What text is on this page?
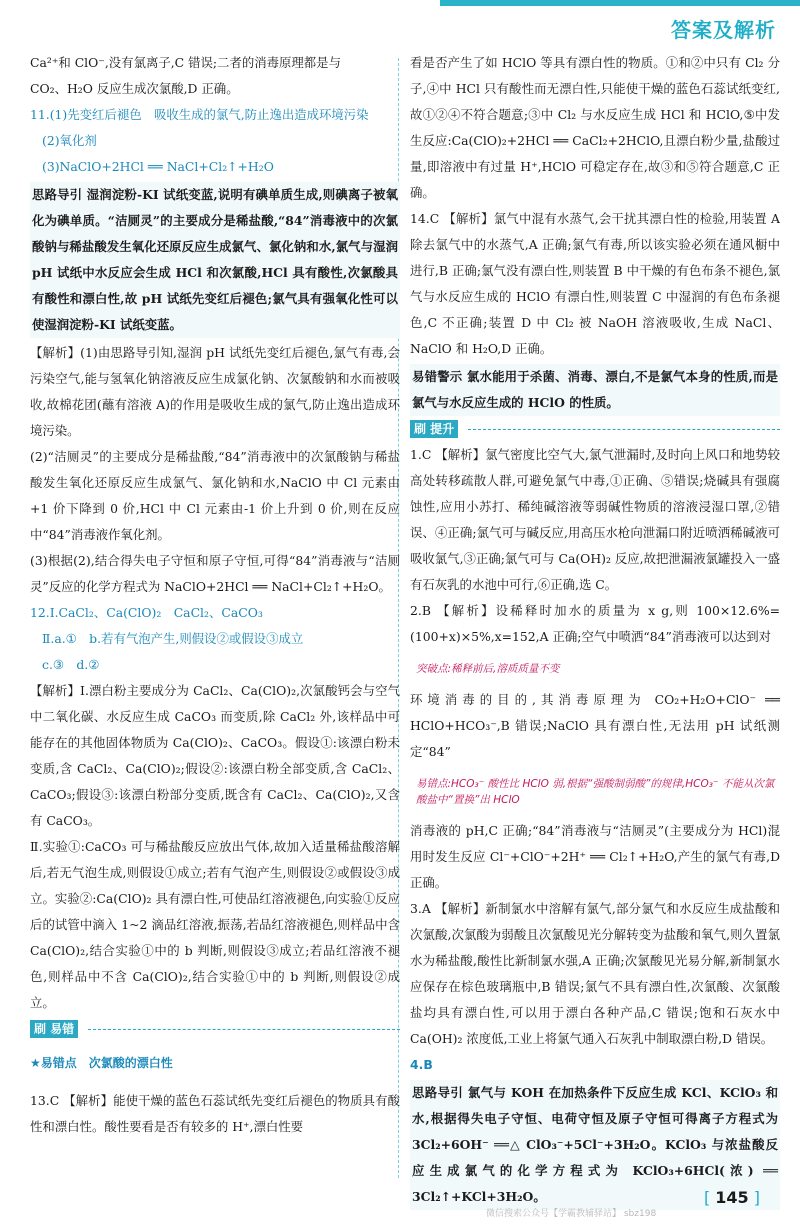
答案及解析

Ca²⁺和 ClO⁻,没有氯离子,C 错误;二者的消毒原理都是与

CO₂、H₂O 反应生成次氯酸,D 正确。

11.(1)先变红后褪色　吸收生成的氯气,防止逸出造成环境污染

(2)氧化剂

(3)NaClO+2HCl ══ NaCl+Cl₂↑+H₂O

思路导引 湿润淀粉-KI 试纸变蓝,说明有碘单质生成,则碘离子被氧化为碘单质。“洁厕灵”的主要成分是稀盐酸,“84”消毒液中的次氯酸钠与稀盐酸发生氧化还原反应生成氯气、氯化钠和水,氯气与湿润 pH 试纸中水反应会生成 HCl 和次氯酸,HCl 具有酸性,次氯酸具有酸性和漂白性,故 pH 试纸先变红后褪色;氯气具有强氧化性可以使湿润淀粉-KI 试纸变蓝。

【解析】(1)由思路导引知,湿润 pH 试纸先变红后褪色,氯气有毒,会污染空气,能与氢氧化钠溶液反应生成氯化钠、次氯酸钠和水而被吸收,故棉花团(蘸有溶液 A)的作用是吸收生成的氯气,防止逸出造成环境污染。

(2)“洁厕灵”的主要成分是稀盐酸,“84”消毒液中的次氯酸钠与稀盐酸发生氧化还原反应生成氯气、氯化钠和水,NaClO 中 Cl 元素由+1 价下降到 0 价,HCl 中 Cl 元素由-1 价上升到 0 价,则在反应中“84”消毒液作氧化剂。

(3)根据(2),结合得失电子守恒和原子守恒,可得“84”消毒液与“洁厕灵”反应的化学方程式为 NaClO+2HCl ══ NaCl+Cl₂↑+H₂O。

12.Ⅰ.CaCl₂、Ca(ClO)₂　CaCl₂、CaCO₃

Ⅱ.a.①　b.若有气泡产生,则假设②或假设③成立

c.③　d.②

【解析】Ⅰ.漂白粉主要成分为 CaCl₂、Ca(ClO)₂,次氯酸钙会与空气中二氧化碳、水反应生成 CaCO₃ 而变质,除 CaCl₂ 外,该样品中可能存在的其他固体物质为 Ca(ClO)₂、CaCO₃。假设①:该漂白粉未变质,含 CaCl₂、Ca(ClO)₂;假设②:该漂白粉全部变质,含 CaCl₂、CaCO₃;假设③:该漂白粉部分变质,既含有 CaCl₂、Ca(ClO)₂,又含有 CaCO₃。

Ⅱ.实验①:CaCO₃ 可与稀盐酸反应放出气体,故加入适量稀盐酸溶解后,若无气泡生成,则假设①成立;若有气泡产生,则假设②或假设③成立。实验②:Ca(ClO)₂ 具有漂白性,可使品红溶液褪色,向实验①反应后的试管中滴入 1~2 滴品红溶液,振荡,若品红溶液褪色,则样品中含 Ca(ClO)₂,结合实验①中的 b 判断,则假设③成立;若品红溶液不褪色,则样品中不含 Ca(ClO)₂,结合实验①中的 b 判断,则假设②成立。

刷 易错

★易错点　次氯酸的漂白性

13.C 【解析】能使干燥的蓝色石蕊试纸先变红后褪色的物质具有酸性和漂白性。酸性要看是否有较多的 H⁺,漂白性要

看是否产生了如 HClO 等具有漂白性的物质。①和②中只有 Cl₂ 分子,④中 HCl 只有酸性而无漂白性,只能使干燥的蓝色石蕊试纸变红,故①②④不符合题意;③中 Cl₂ 与水反应生成 HCl 和 HClO,⑤中发生反应:Ca(ClO)₂+2HCl ══ CaCl₂+2HClO,且漂白粉少量,盐酸过量,即溶液中有过量 H⁺,HClO 可稳定存在,故③和⑤符合题意,C 正确。

14.C 【解析】氯气中混有水蒸气,会干扰其漂白性的检验,用装置 A 除去氯气中的水蒸气,A 正确;氯气有毒,所以该实验必须在通风橱中进行,B 正确;氯气没有漂白性,则装置 B 中干燥的有色布条不褪色,氯气与水反应生成的 HClO 有漂白性,则装置 C 中湿润的有色布条褪色,C 不正确;装置 D 中 Cl₂ 被 NaOH 溶液吸收,生成 NaCl、NaClO 和 H₂O,D 正确。

易错警示 氯水能用于杀菌、消毒、漂白,不是氯气本身的性质,而是氯气与水反应生成的 HClO 的性质。

刷 提升

1.C 【解析】氯气密度比空气大,氯气泄漏时,及时向上风口和地势较高处转移疏散人群,可避免氯气中毒,①正确、⑤错误;烧碱具有强腐蚀性,应用小苏打、稀纯碱溶液等弱碱性物质的溶液浸湿口罩,②错误、④正确;氯气可与碱反应,用高压水枪向泄漏口附近喷洒稀碱液可吸收氯气,③正确;氯气可与 Ca(OH)₂ 反应,故把泄漏液氯罐投入一盛有石灰乳的水池中可行,⑥正确,选 C。

2.B 【解析】设稀释时加水的质量为 x g,则 100×12.6%=(100+x)×5%,x=152,A 正确;空气中喷洒“84”消毒液可以达到对

突破点:稀释前后,溶质质量不变

环境消毒的目的,其消毒原理为 CO₂+H₂O+ClO⁻ ══ HClO+HCO₃⁻,B 错误;NaClO 具有漂白性,无法用 pH 试纸测定“84”

易错点:HCO₃⁻ 酸性比 HClO 弱,根据“强酸制弱酸”的规律,HCO₃⁻ 不能从次氯酸盐中“置换”出 HClO

消毒液的 pH,C 正确;“84”消毒液与“洁厕灵”(主要成分为 HCl)混用时发生反应 Cl⁻+ClO⁻+2H⁺ ══ Cl₂↑+H₂O,产生的氯气有毒,D 正确。

3.A 【解析】新制氯水中溶解有氯气,部分氯气和水反应生成盐酸和次氯酸,次氯酸为弱酸且次氯酸见光分解转变为盐酸和氧气,则久置氯水为稀盐酸,酸性比新制氯水强,A 正确;次氯酸见光易分解,新制氯水应保存在棕色玻璃瓶中,B 错误;氯气不具有漂白性,次氯酸、次氯酸盐均具有漂白性,可以用于漂白各种产品,C 错误;饱和石灰水中 Ca(OH)₂ 浓度低,工业上将氯气通入石灰乳中制取漂白粉,D 错误。

4.B

思路导引 氯气与 KOH 在加热条件下反应生成 KCl、KClO₃ 和水,根据得失电子守恒、电荷守恒及原子守恒可得离子方程式为 3Cl₂+6OH⁻ ══△ ClO₃⁻+5Cl⁻+3H₂O。KClO₃ 与浓盐酸反应生成氯气的化学方程式为 KClO₃+6HCl(浓) ══ 3Cl₂↑+KCl+3H₂O。	[ 145 ]
微信搜索公众号【学霸教辅驿站】 sbz198
